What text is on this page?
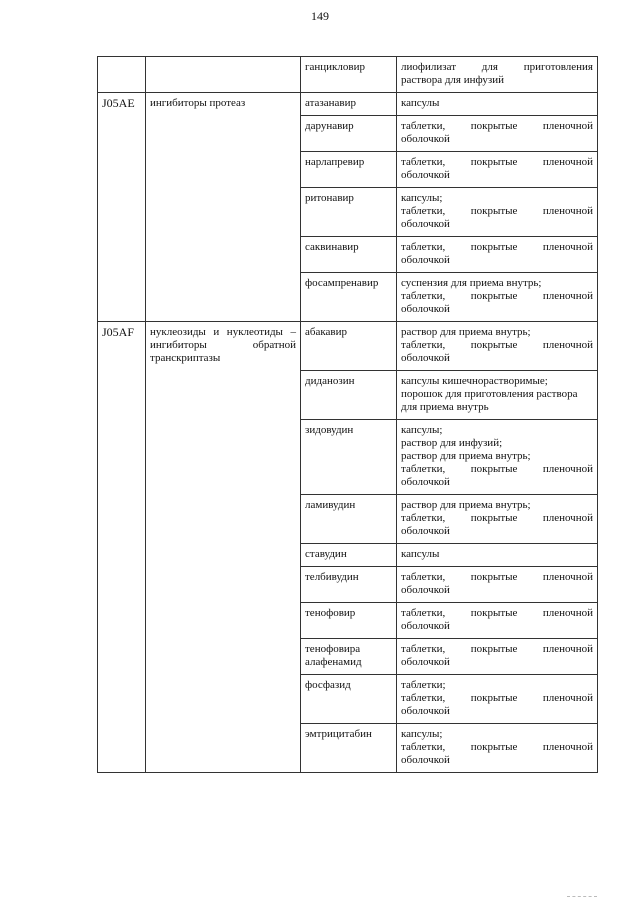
149
		ганцикловир	лиофилизат для приготовления
раствора для инфузий

J05AE	ингибиторы протеаз	атазанавир	капсулы

		дарунавир	таблетки, покрытые пленочной
оболочкой

		нарлапревир	таблетки, покрытые пленочной
оболочкой

		ритонавир	капсулы;
таблетки, покрытые пленочной
оболочкой

		саквинавир	таблетки, покрытые пленочной
оболочкой

		фосампренавир	суспензия для приема внутрь;
таблетки, покрытые пленочной
оболочкой

J05AF	нуклеозиды и нуклеотиды – ингибиторы обратной транскриптазы	абакавир	раствор для приема внутрь;
таблетки, покрытые пленочной
оболочкой

		диданозин	капсулы кишечнорастворимые;
порошок для приготовления раствора
для приема внутрь

		зидовудин	капсулы;
раствор для инфузий;
раствор для приема внутрь;
таблетки, покрытые пленочной
оболочкой

		ламивудин	раствор для приема внутрь;
таблетки, покрытые пленочной
оболочкой

		ставудин	капсулы

		телбивудин	таблетки, покрытые пленочной
оболочкой

		тенофовир	таблетки, покрытые пленочной
оболочкой

		тенофовира алафенамид	таблетки, покрытые пленочной
оболочкой

		фосфазид	таблетки;
таблетки, покрытые пленочной
оболочкой

		эмтрицитабин	капсулы;
таблетки, покрытые пленочной
оболочкой
